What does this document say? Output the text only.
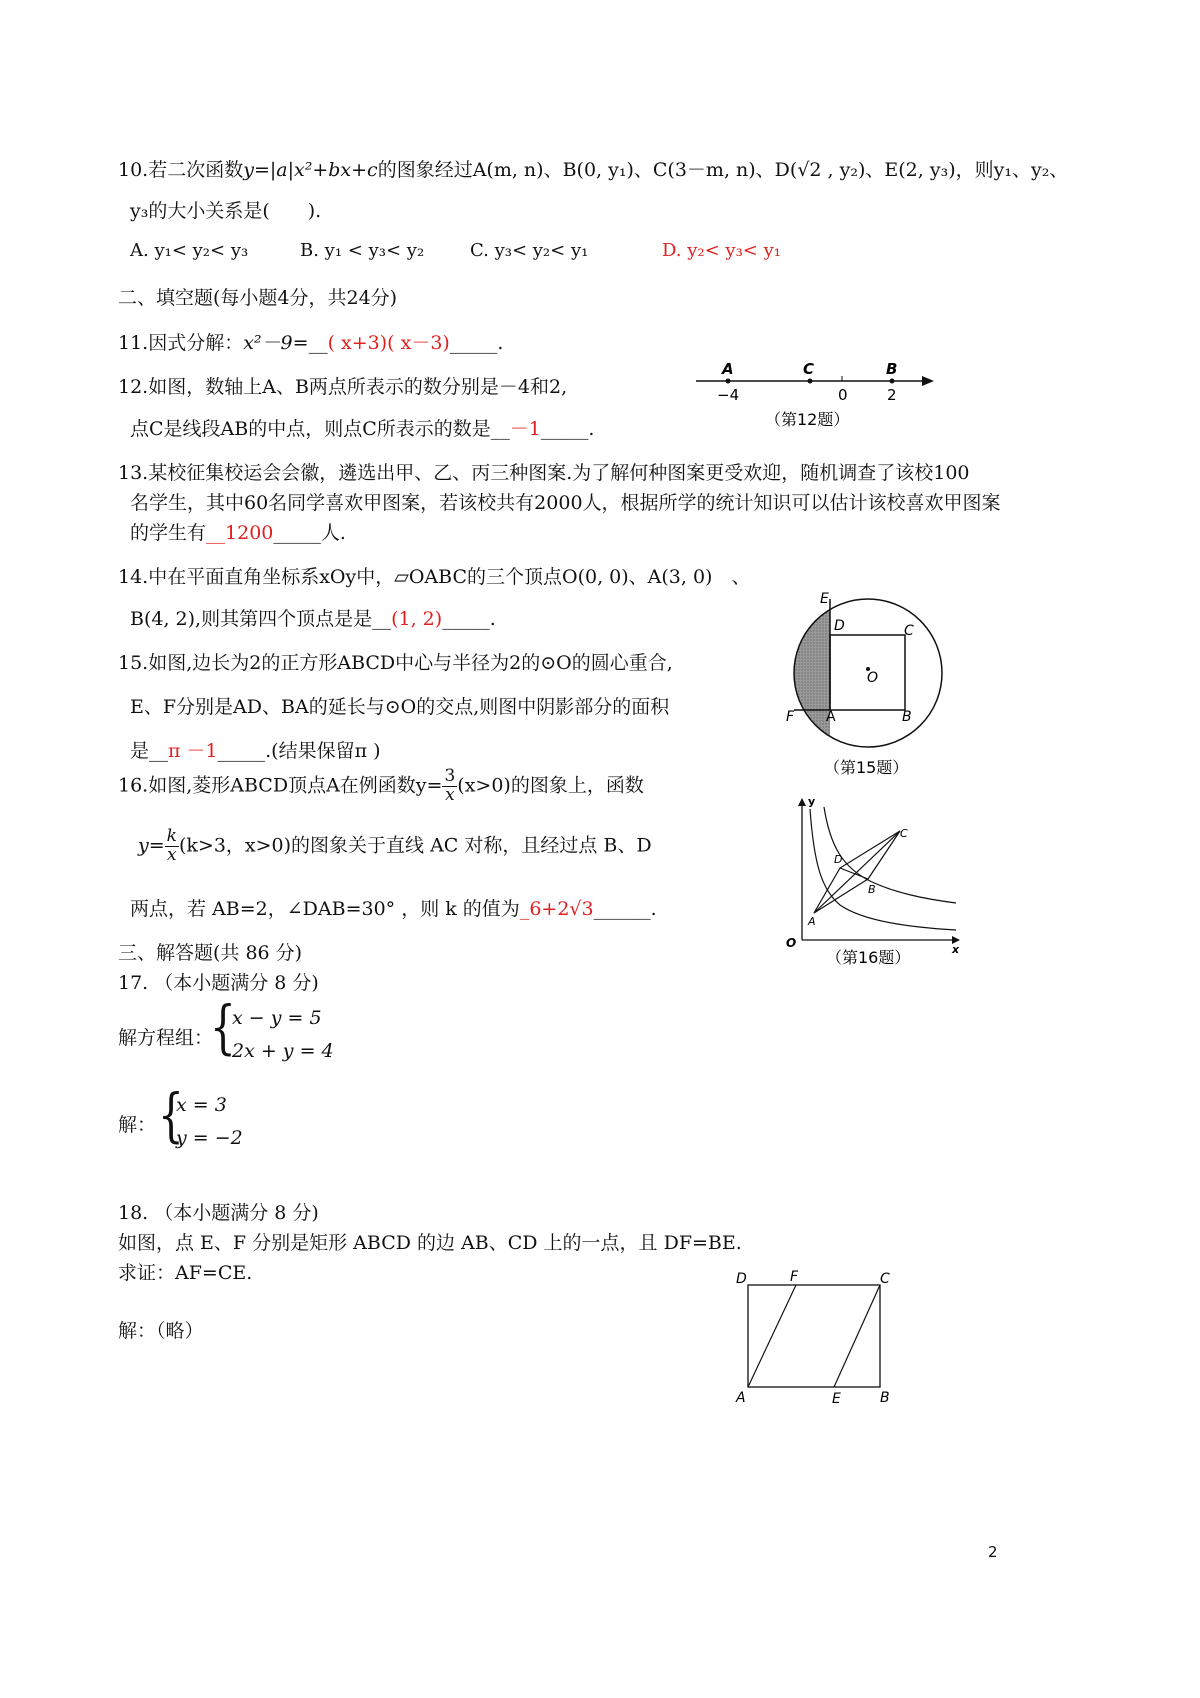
10.若二次函数y=|a|x²+bx+c的图象经过A(m, n)、B(0, y₁)、C(3－m, n)、D(√2 , y₂)、E(2, y₃)，则y₁、y₂、
y₃的大小关系是(　　).
A. y₁< y₂< y₃	B. y₁ < y₃< y₂	C. y₃< y₂< y₁	D. y₂< y₃< y₁
二、填空题(每小题4分，共24分)
11.因式分解：x²－9=__( x+3)( x－3)_____.
12.如图，数轴上A、B两点所表示的数分别是－4和2,
点C是线段AB的中点，则点C所表示的数是__－1_____.
A	C	B
−4	0	2
（第12题）
13.某校征集校运会会徽，遴选出甲、乙、丙三种图案.为了解何种图案更受欢迎，随机调查了该校100
名学生，其中60名同学喜欢甲图案，若该校共有2000人，根据所学的统计知识可以估计该校喜欢甲图案
的学生有__1200_____人.
14.中在平面直角坐标系xOy中，▱OABC的三个顶点O(0, 0)、A(3, 0)　、
B(4, 2),则其第四个顶点是是__(1, 2)_____.
15.如图,边长为2的正方形ABCD中心与半径为2的⊙O的圆心重合,
E、F分别是AD、BA的延长与⊙O的交点,则图中阴影部分的面积
是__π －1_____.(结果保留π )
E
D	C
O
F A	B
（第15题）
16.如图,菱形ABCD顶点A在例函数$y= \frac{3}{x} (x>0)$的图象上，函数
$y= \frac{k}{x} (k>3$，x>0)的图象关于直线 AC 对称，且经过点 B、D
两点，若 AB=2，∠DAB=30° ，则 k 的值为_6+2√3______.
y
x
O
A
B
C
D
（第16题）
三、解答题(共 86 分)
17. （本小题满分 8 分)
解方程组：
{
x − y = 5
2x + y = 4
解： {
x = 3
y = −2
18. （本小题满分 8 分)
如图，点 E、F 分别是矩形 ABCD 的边 AB、CD 上的一点，且 DF=BE.
求证：AF=CE.
解：（略）
D	F	C
A	E	B
2
